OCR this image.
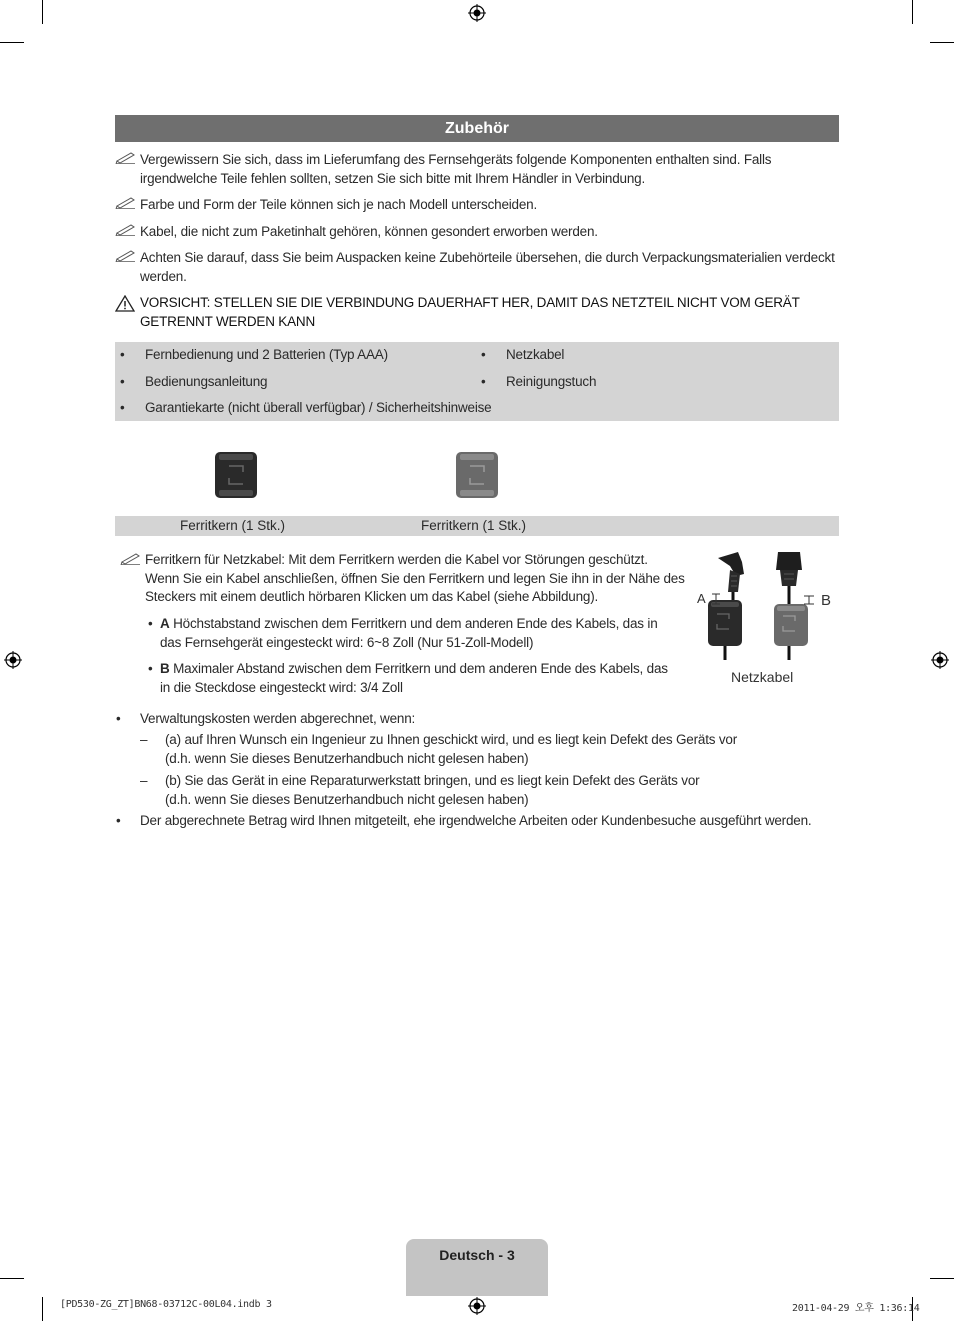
Zubehör
Vergewissern Sie sich, dass im Lieferumfang des Fernsehgeräts folgende Komponenten enthalten sind. Falls
irgendwelche Teile fehlen sollten, setzen Sie sich bitte mit Ihrem Händler in Verbindung.
Farbe und Form der Teile können sich je nach Modell unterscheiden.
Kabel, die nicht zum Paketinhalt gehören, können gesondert erworben werden.
Achten Sie darauf, dass Sie beim Auspacken keine Zubehörteile übersehen, die durch Verpackungsmaterialien verdeckt
werden.
VORSICHT: STELLEN SIE DIE VERBINDUNG DAUERHAFT HER, DAMIT DAS NETZTEIL NICHT VOM GERÄT
GETRENNT WERDEN KANN
• Fernbedienung und 2 Batterien (Typ AAA)	• Netzkabel
• Bedienungsanleitung	• Reinigungstuch
• Garantiekarte (nicht überall verfügbar) / Sicherheitshinweise
Ferritkern (1 Stk.)	Ferritkern (1 Stk.)
Ferritkern für Netzkabel: Mit dem Ferritkern werden die Kabel vor Störungen geschützt.
Wenn Sie ein Kabel anschließen, öffnen Sie den Ferritkern und legen Sie ihn in der Nähe des
Steckers mit einem deutlich hörbaren Klicken um das Kabel (siehe Abbildung).
• A Höchstabstand zwischen dem Ferritkern und dem anderen Ende des Kabels, das in
das Fernsehgerät eingesteckt wird: 6~8 Zoll (Nur 51-Zoll-Modell)
• B Maximaler Abstand zwischen dem Ferritkern und dem anderen Ende des Kabels, das
in die Steckdose eingesteckt wird: 3/4 Zoll
A	B
Netzkabel
• Verwaltungskosten werden abgerechnet, wenn:
– (a) auf Ihren Wunsch ein Ingenieur zu Ihnen geschickt wird, und es liegt kein Defekt des Geräts vor
(d.h. wenn Sie dieses Benutzerhandbuch nicht gelesen haben)
– (b) Sie das Gerät in eine Reparaturwerkstatt bringen, und es liegt kein Defekt des Geräts vor
(d.h. wenn Sie dieses Benutzerhandbuch nicht gelesen haben)
• Der abgerechnete Betrag wird Ihnen mitgeteilt, ehe irgendwelche Arbeiten oder Kundenbesuche ausgeführt werden.
Deutsch - 3
[PD530-ZG_ZT]BN68-03712C-00L04.indb 3	2011-04-29 오후 1:36:14
